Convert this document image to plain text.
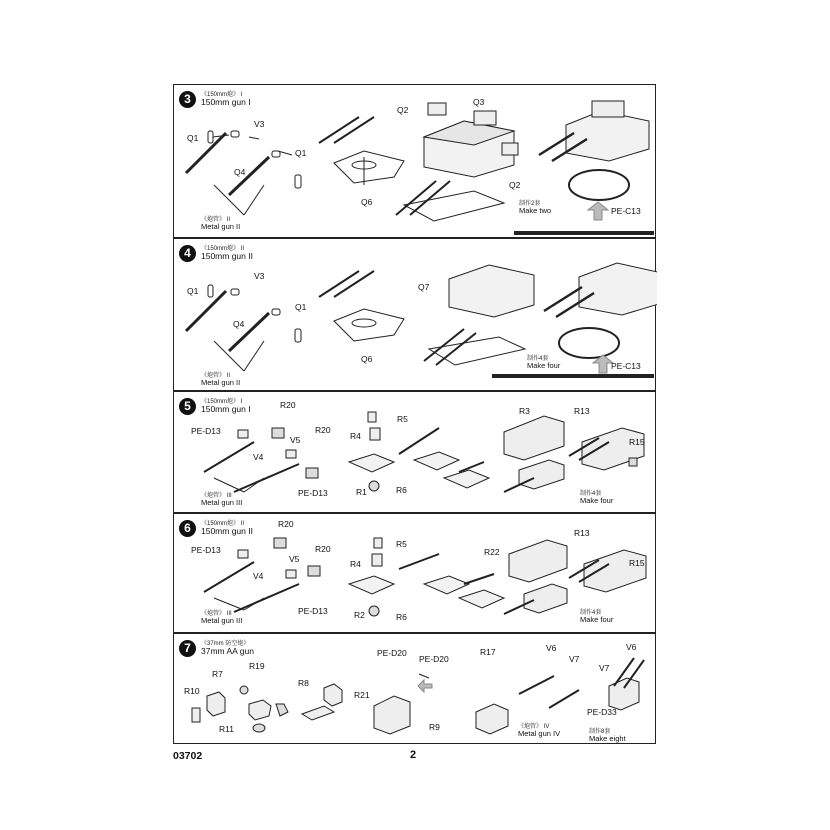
3	《150mm炮》 I
150mm gun I
Q1
V3
Q1
Q4
Q6
Q2
Q3
Q2
PE-C13
《炮管》 II
Metal gun II
制作2套
Make two
4	《150mm炮》 II
150mm gun II
Q1
V3
Q1
Q4
Q6
Q7
PE-C13
《炮管》 II
Metal gun II
制作4套
Make four
5	《150mm炮》 I
150mm gun I
PE-D13
R20
R20
V5
V4
PE-D13
R5
R4
R1	R6
R3	R13
R15
《炮管》 III
Metal gun III
制作4套
Make four
6	《150mm炮》 II
150mm gun II
PE-D13
R20
R20
V5
V4
PE-D13
R5
R4
R2	R6
R22
R13
R15
《炮管》 III
Metal gun III
制作4套
Make four
7	《37mm 防空炮》
37mm AA gun
R7
R19
R10
R11
R8
PE-D20
PE-D20
R21
R17
R9
V6
V7
V6
V7
PE-D33
《炮管》 IV
Metal gun IV	制作8套
Make eight
03702	2
